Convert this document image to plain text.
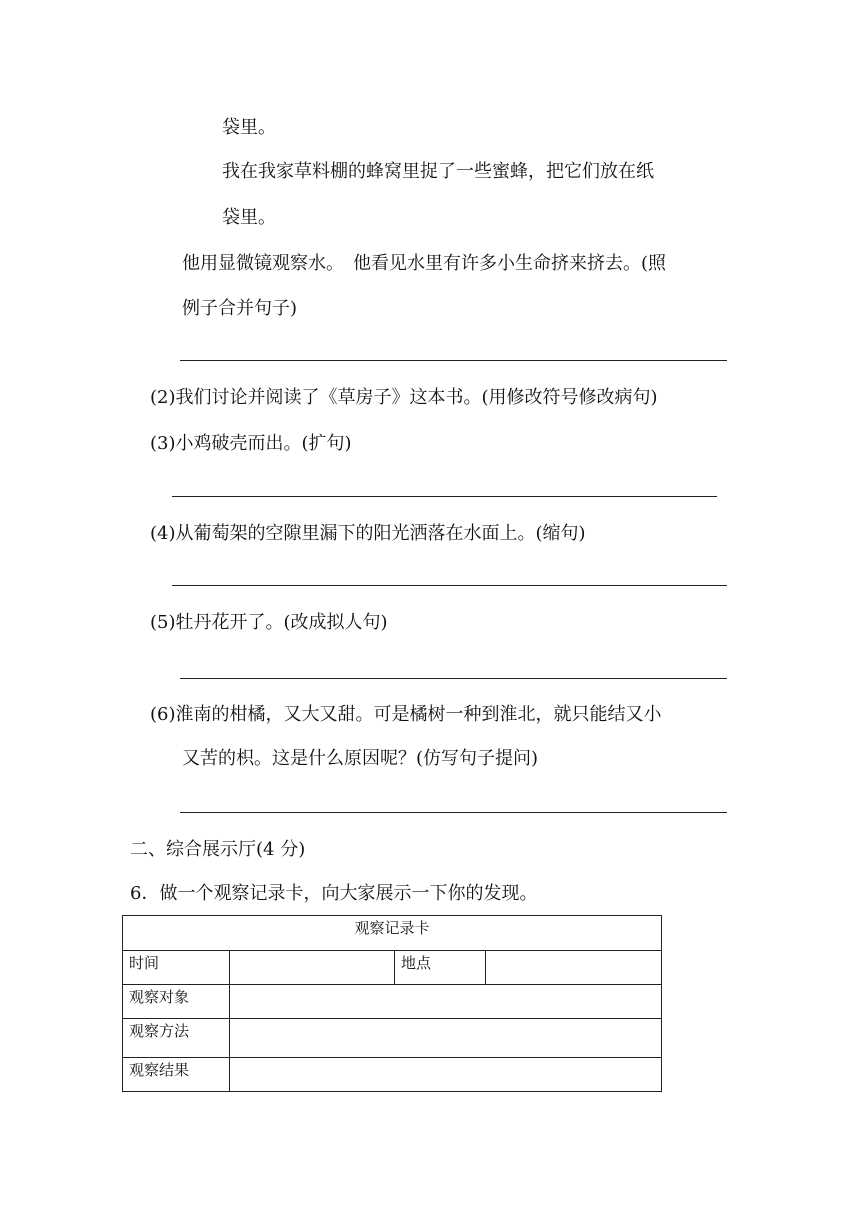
袋里。
我在我家草料棚的蜂窝里捉了一些蜜蜂，把它们放在纸
袋里。
他用显微镜观察水。　他看见水里有许多小生命挤来挤去。(照
例子合并句子)
(2)我们讨论并阅读了《草房子》这本书。(用修改符号修改病句)
(3)小鸡破壳而出。(扩句)
(4)从葡萄架的空隙里漏下的阳光洒落在水面上。(缩句)
(5)牡丹花开了。(改成拟人句)
(6)淮南的柑橘，又大又甜。可是橘树一种到淮北，就只能结又小
又苦的枳。这是什么原因呢？(仿写句子提问)
二、综合展示厅(4 分)
6．做一个观察记录卡，向大家展示一下你的发现。
观察记录卡			
时间		地点	
观察对象			
观察方法			
观察结果			
